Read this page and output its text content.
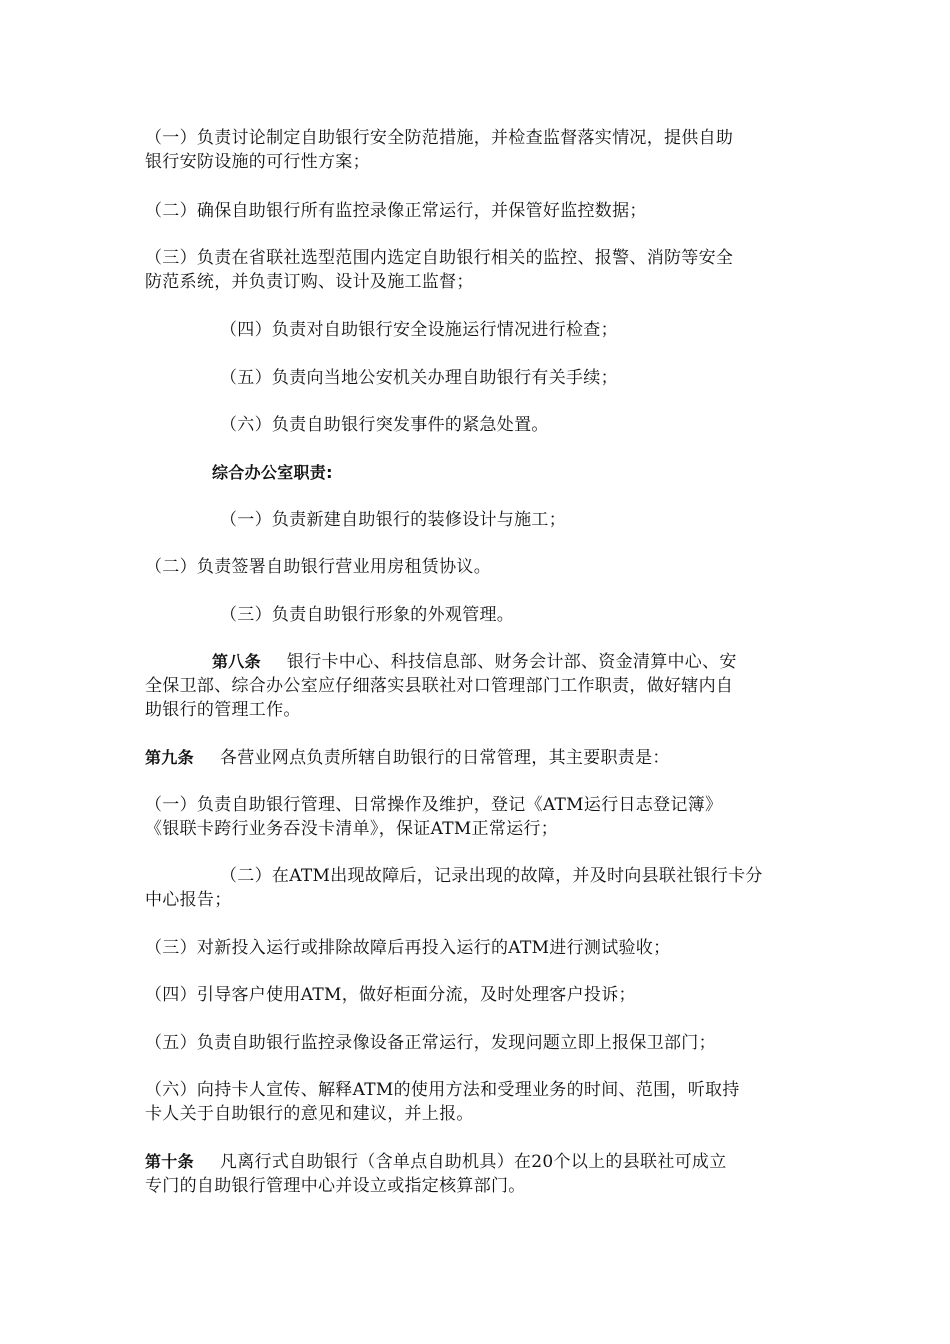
（一）负责讨论制定自助银行安全防范措施，并检查监督落实情况，提供自助
银行安防设施的可行性方案；
（二）确保自助银行所有监控录像正常运行，并保管好监控数据；
（三）负责在省联社选型范围内选定自助银行相关的监控、报警、消防等安全
防范系统，并负责订购、设计及施工监督；
（四）负责对自助银行安全设施运行情况进行检查；
（五）负责向当地公安机关办理自助银行有关手续；
（六）负责自助银行突发事件的紧急处置。
综合办公室职责:
（一）负责新建自助银行的装修设计与施工；
（二）负责签署自助银行营业用房租赁协议。
（三）负责自助银行形象的外观管理。
第八条 银行卡中心、科技信息部、财务会计部、资金清算中心、安
全保卫部、综合办公室应仔细落实县联社对口管理部门工作职责，做好辖内自
助银行的管理工作。
第九条 各营业网点负责所辖自助银行的日常管理，其主要职责是：
（一）负责自助银行管理、日常操作及维护，登记《ATM运行日志登记簿》
《银联卡跨行业务吞没卡清单》，保证ATM正常运行；
（二）在ATM出现故障后，记录出现的故障，并及时向县联社银行卡分
中心报告；
（三）对新投入运行或排除故障后再投入运行的ATM进行测试验收；
（四）引导客户使用ATM，做好柜面分流，及时处理客户投诉；
（五）负责自助银行监控录像设备正常运行，发现问题立即上报保卫部门；
（六）向持卡人宣传、解释ATM的使用方法和受理业务的时间、范围，听取持
卡人关于自助银行的意见和建议，并上报。
第十条 凡离行式自助银行（含单点自助机具）在20个以上的县联社可成立
专门的自助银行管理中心并设立或指定核算部门。
